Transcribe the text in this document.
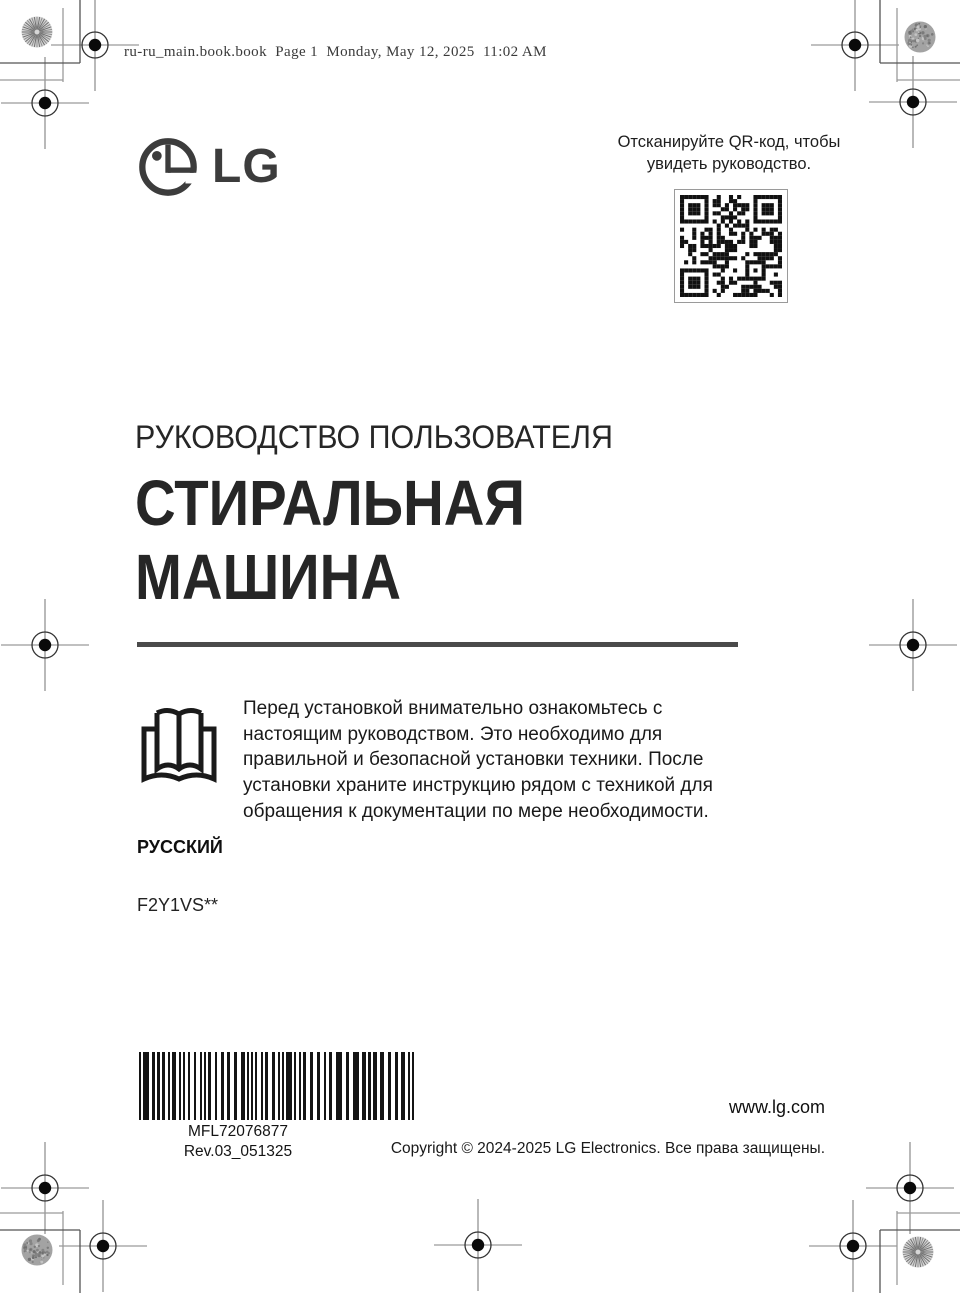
ru-ru_main.book.book  Page 1  Monday, May 12, 2025  11:02 AM
LG	Отсканируйте QR-код, чтобы
увидеть руководство.
РУКОВОДСТВО ПОЛЬЗОВАТЕЛЯ
СТИРАЛЬНАЯ
МАШИНА
Перед установкой внимательно ознакомьтесь с
настоящим руководством. Это необходимо для
правильной и безопасной установки техники. После
установки храните инструкцию рядом с техникой для
обращения к документации по мере необходимости.
РУССКИЙ
F2Y1VS**
MFL72076877
Rev.03_051325
www.lg.com
Copyright © 2024-2025 LG Electronics. Все права защищены.
